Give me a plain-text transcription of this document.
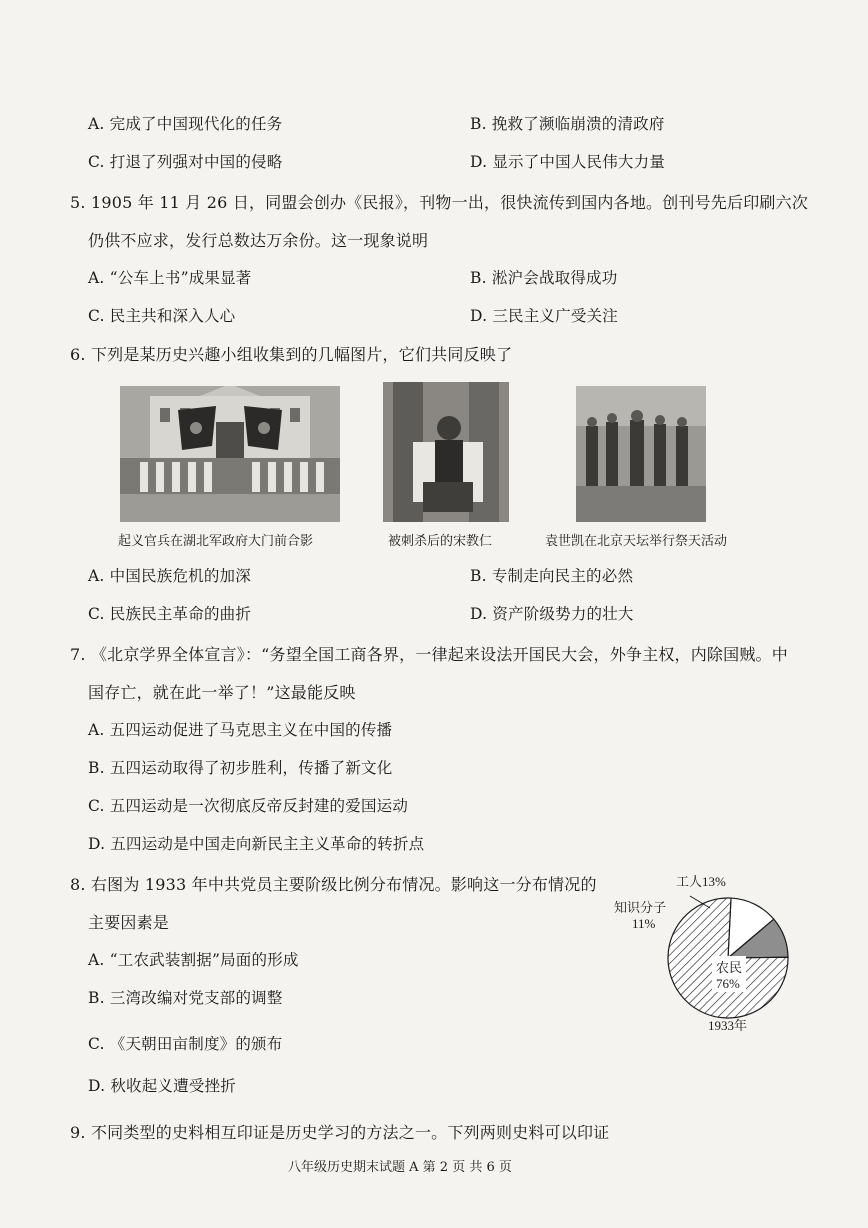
A. 完成了中国现代化的任务	B. 挽救了濒临崩溃的清政府
C. 打退了列强对中国的侵略	D. 显示了中国人民伟大力量
5. 1905 年 11 月 26 日，同盟会创办《民报》，刊物一出，很快流传到国内各地。创刊号先后印刷六次
仍供不应求，发行总数达万余份。这一现象说明
A. “公车上书”成果显著	B. 淞沪会战取得成功
C. 民主共和深入人心	D. 三民主义广受关注
6. 下列是某历史兴趣小组收集到的几幅图片，它们共同反映了
起义官兵在湖北军政府大门前合影	被刺杀后的宋教仁	袁世凯在北京天坛举行祭天活动
A. 中国民族危机的加深	B. 专制走向民主的必然
C. 民族民主革命的曲折	D. 资产阶级势力的壮大
7. 《北京学界全体宣言》：“务望全国工商各界，一律起来设法开国民大会，外争主权，内除国贼。中
国存亡，就在此一举了！”这最能反映
A. 五四运动促进了马克思主义在中国的传播
B. 五四运动取得了初步胜利，传播了新文化
C. 五四运动是一次彻底反帝反封建的爱国运动
D. 五四运动是中国走向新民主主义革命的转折点
8. 右图为 1933 年中共党员主要阶级比例分布情况。影响这一分布情况的
主要因素是
A. “工农武装割据”局面的形成
B. 三湾改编对党支部的调整
C. 《天朝田亩制度》的颁布
D. 秋收起义遭受挫折
工人13%
知识分子
11%
农民
76%
1933年
9. 不同类型的史料相互印证是历史学习的方法之一。下列两则史料可以印证
八年级历史期末试题 A 第 2 页 共 6 页
